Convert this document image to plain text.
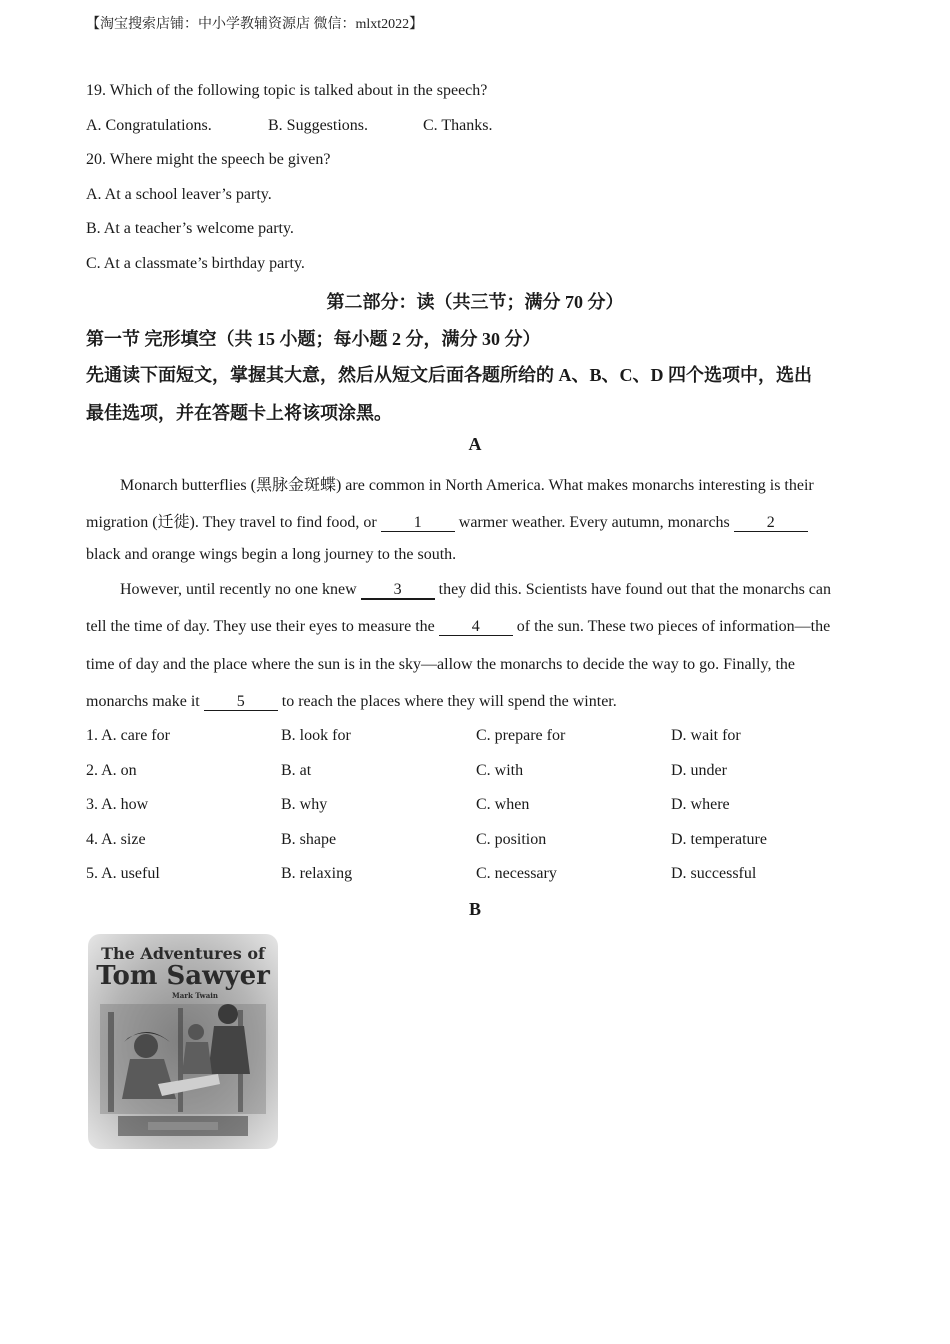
【淘宝搜索店铺：中小学教辅资源店 微信：mlxt2022】
19. Which of the following topic is talked about in the speech?
A. Congratulations.	B. Suggestions.	C. Thanks.
20. Where might the speech be given?
A. At a school leaver’s party.
B. At a teacher’s welcome party.
C. At a classmate’s birthday party.
第二部分：读（共三节；满分 70 分）
第一节 完形填空（共 15 小题；每小题 2 分，满分 30 分）
先通读下面短文，掌握其大意，然后从短文后面各题所给的 A、B、C、D 四个选项中，选出
最佳选项，并在答题卡上将该项涂黑。
A
Monarch butterflies (黑脉金斑蝶) are common in North America. What makes monarchs interesting is their
migration (迁徙). They travel to find food, or 1 warmer weather. Every autumn, monarchs 2
black and orange wings begin a long journey to the south.
However, until recently no one knew 3 they did this. Scientists have found out that the monarchs can
tell the time of day. They use their eyes to measure the 4 of the sun. These two pieces of information—the
time of day and the place where the sun is in the sky—allow the monarchs to decide the way to go. Finally, the
monarchs make it 5 to reach the places where they will spend the winter.
1. A. care for	B. look for	C. prepare for	D. wait for
2. A. on	B. at	C. with	D. under
3. A. how	B. why	C. when	D. where
4. A. size	B. shape	C. position	D. temperature
5. A. useful	B. relaxing	C. necessary	D. successful
B
The Adventures of
Tom Sawyer
Mark Twain
